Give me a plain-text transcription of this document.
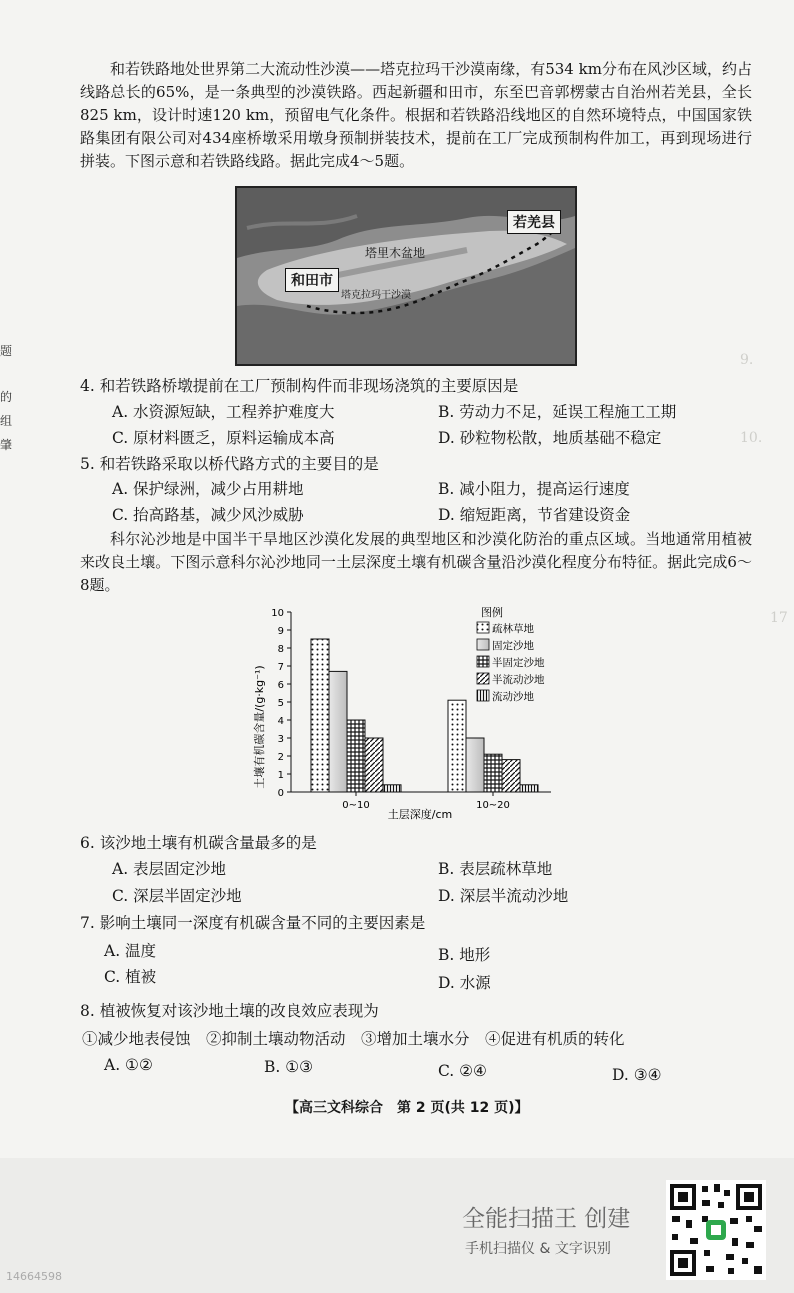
题
的
组
肇
9.
10.
17
和若铁路地处世界第二大流动性沙漠——塔克拉玛干沙漠南缘，有534 km分布在风沙区域，约占线路总长的65%，是一条典型的沙漠铁路。西起新疆和田市，东至巴音郭楞蒙古自治州若羌县，全长825 km，设计时速120 km，预留电气化条件。根据和若铁路沿线地区的自然环境特点，中国国家铁路集团有限公司对434座桥墩采用墩身预制拼装技术，提前在工厂完成预制构件加工，再到现场进行拼装。下图示意和若铁路线路。据此完成4～5题。
若羌县
塔里木盆地
和田市
塔克拉玛干沙漠
4. 和若铁路桥墩提前在工厂预制构件而非现场浇筑的主要原因是
A. 水资源短缺，工程养护难度大	B. 劳动力不足，延误工程施工工期
C. 原材料匮乏，原料运输成本高	D. 砂粒物松散，地质基础不稳定
5. 和若铁路采取以桥代路方式的主要目的是
A. 保护绿洲，减少占用耕地	B. 减小阻力，提高运行速度
C. 抬高路基，减少风沙威胁	D. 缩短距离，节省建设资金
科尔沁沙地是中国半干旱地区沙漠化发展的典型地区和沙漠化防治的重点区域。当地通常用植被来改良土壤。下图示意科尔沁沙地同一土层深度土壤有机碳含量沿沙漠化程度分布特征。据此完成6～8题。
0
1
2
3
4
5
6
7
8
9
10
0~10	10~20
图例
疏林草地
固定沙地
半固定沙地
半流动沙地
流动沙地
土壤有机碳含量/(g·kg⁻¹)
土层深度/cm
6. 该沙地土壤有机碳含量最多的是
A. 表层固定沙地	B. 表层疏林草地
C. 深层半固定沙地	D. 深层半流动沙地
7. 影响土壤同一深度有机碳含量不同的主要因素是
A. 温度	B. 地形
C. 植被	D. 水源
8. 植被恢复对该沙地土壤的改良效应表现为
①减少地表侵蚀　②抑制土壤动物活动　③增加土壤水分　④促进有机质的转化
A. ①②	B. ①③	C. ②④	D. ③④
【高三文科综合　第 2 页(共 12 页)】
全能扫描王 创建
手机扫描仪 & 文字识别
14664598
